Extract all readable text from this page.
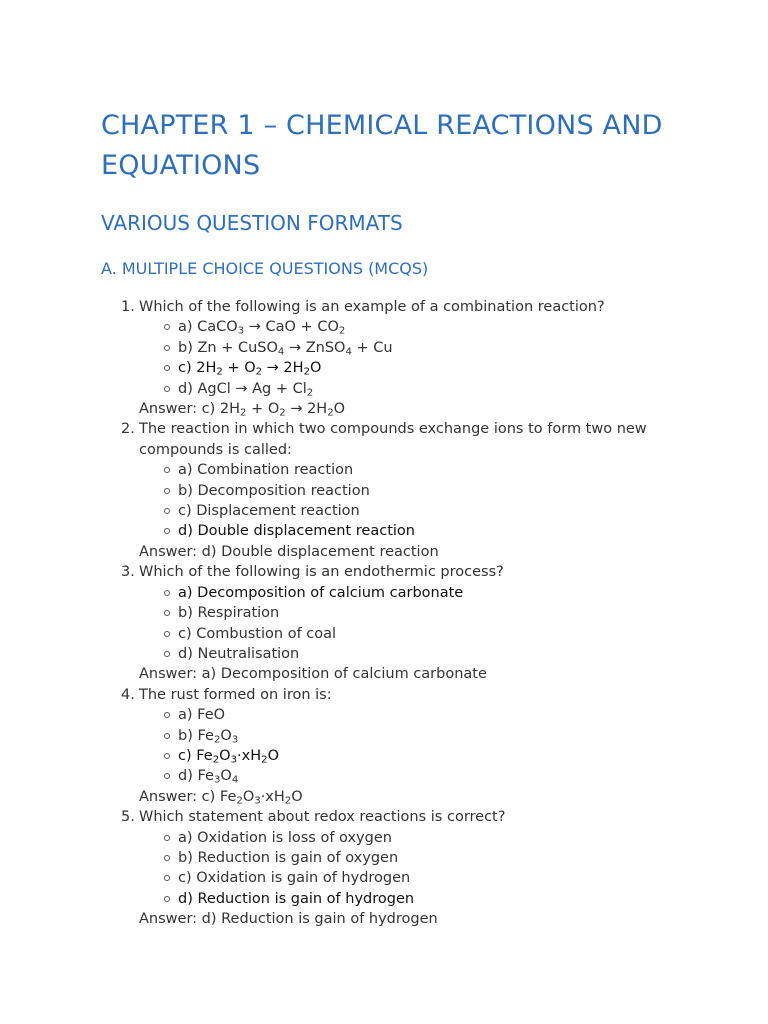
CHAPTER 1 – CHEMICAL REACTIONS AND EQUATIONS
VARIOUS QUESTION FORMATS
A. MULTIPLE CHOICE QUESTIONS (MCQS)
1. Which of the following is an example of a combination reaction?
a) CaCO$_3$ → CaO + $CO_2$
b) Zn + CuSO$_4$ → ZnSO$_4$ + Cu
c) $2H_2 + O_2 \to 2H_2O$
d) AgCl → $Ag + Cl_2$
Answer: c) $2H_2 + O_2 \to 2H_2O$
2. The reaction in which two compounds exchange ions to form two new compounds is called:
a) Combination reaction
b) Decomposition reaction
c) Displacement reaction
d) Double displacement reaction
Answer: d) Double displacement reaction
3. Which of the following is an endothermic process?
a) Decomposition of calcium carbonate
b) Respiration
c) Combustion of coal
d) Neutralisation
Answer: a) Decomposition of calcium carbonate
4. The rust formed on iron is:
a) FeO
b) $Fe_2O_3$
c) $Fe_2O_3\cdot xH_2O$
d) $Fe_3O_4$
Answer: c) $Fe_2O_3\cdot xH_2O$
5. Which statement about redox reactions is correct?
a) Oxidation is loss of oxygen
b) Reduction is gain of oxygen
c) Oxidation is gain of hydrogen
d) Reduction is gain of hydrogen
Answer: d) Reduction is gain of hydrogen
